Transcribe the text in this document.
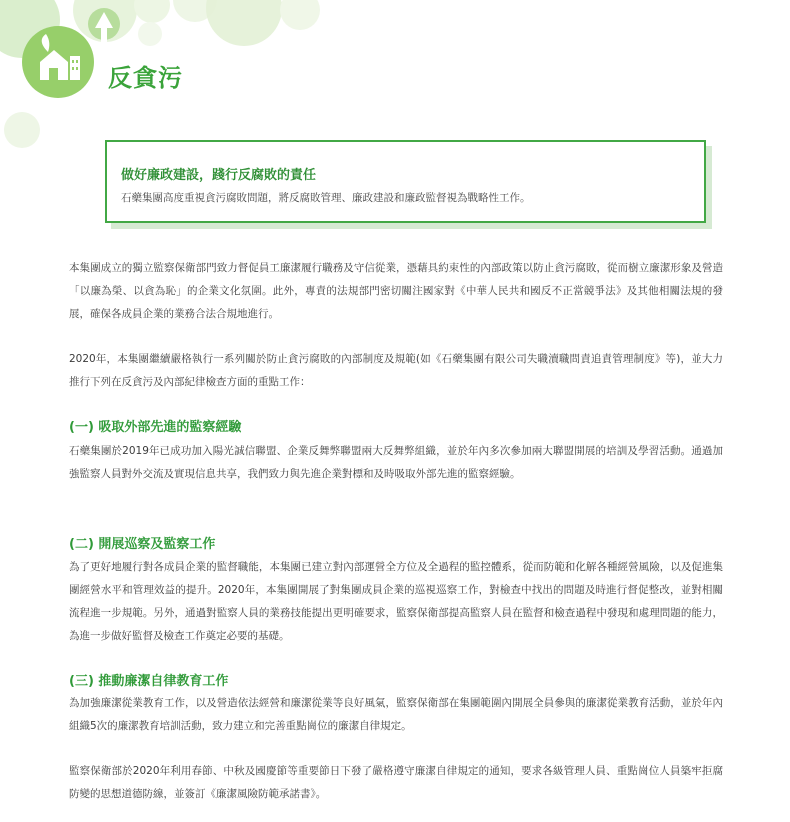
反貪污
做好廉政建設，踐行反腐敗的責任
石藥集團高度重視貪污腐敗問題，將反腐敗管理、廉政建設和廉政監督視為戰略性工作。
本集團成立的獨立監察保衛部門致力督促員工廉潔履行職務及守信從業，憑藉具約束性的內部政策以防止貪污腐敗，從而樹立廉潔形象及營造「以廉為榮、以貪為恥」的企業文化氛圍。此外，專責的法規部門密切關注國家對《中華人民共和國反不正當競爭法》及其他相關法規的發展，確保各成員企業的業務合法合規地進行。
2020年，本集團繼續嚴格執行一系列關於防止貪污腐敗的內部制度及規範(如《石藥集團有限公司失職瀆職問責追責管理制度》等)，並大力推行下列在反貪污及內部紀律檢查方面的重點工作：
(一) 吸取外部先進的監察經驗
石藥集團於2019年已成功加入陽光誠信聯盟、企業反舞弊聯盟兩大反舞弊組織，並於年內多次參加兩大聯盟開展的培訓及學習活動。通過加強監察人員對外交流及實現信息共享，我們致力與先進企業對標和及時吸取外部先進的監察經驗。
(二) 開展巡察及監察工作
為了更好地履行對各成員企業的監督職能，本集團已建立對內部運營全方位及全過程的監控體系，從而防範和化解各種經營風險，以及促進集團經營水平和管理效益的提升。2020年，本集團開展了對集團成員企業的巡視巡察工作，對檢查中找出的問題及時進行督促整改，並對相關流程進一步規範。另外，通過對監察人員的業務技能提出更明確要求，監察保衛部提高監察人員在監督和檢查過程中發現和處理問題的能力，為進一步做好監督及檢查工作奠定必要的基礎。
(三) 推動廉潔自律教育工作
為加強廉潔從業教育工作，以及營造依法經營和廉潔從業等良好風氣，監察保衛部在集團範圍內開展全員參與的廉潔從業教育活動，並於年內組織5次的廉潔教育培訓活動，致力建立和完善重點崗位的廉潔自律規定。
監察保衛部於2020年利用春節、中秋及國慶節等重要節日下發了嚴格遵守廉潔自律規定的通知，要求各級管理人員、重點崗位人員築牢拒腐防變的思想道德防線，並簽訂《廉潔風險防範承諾書》。
